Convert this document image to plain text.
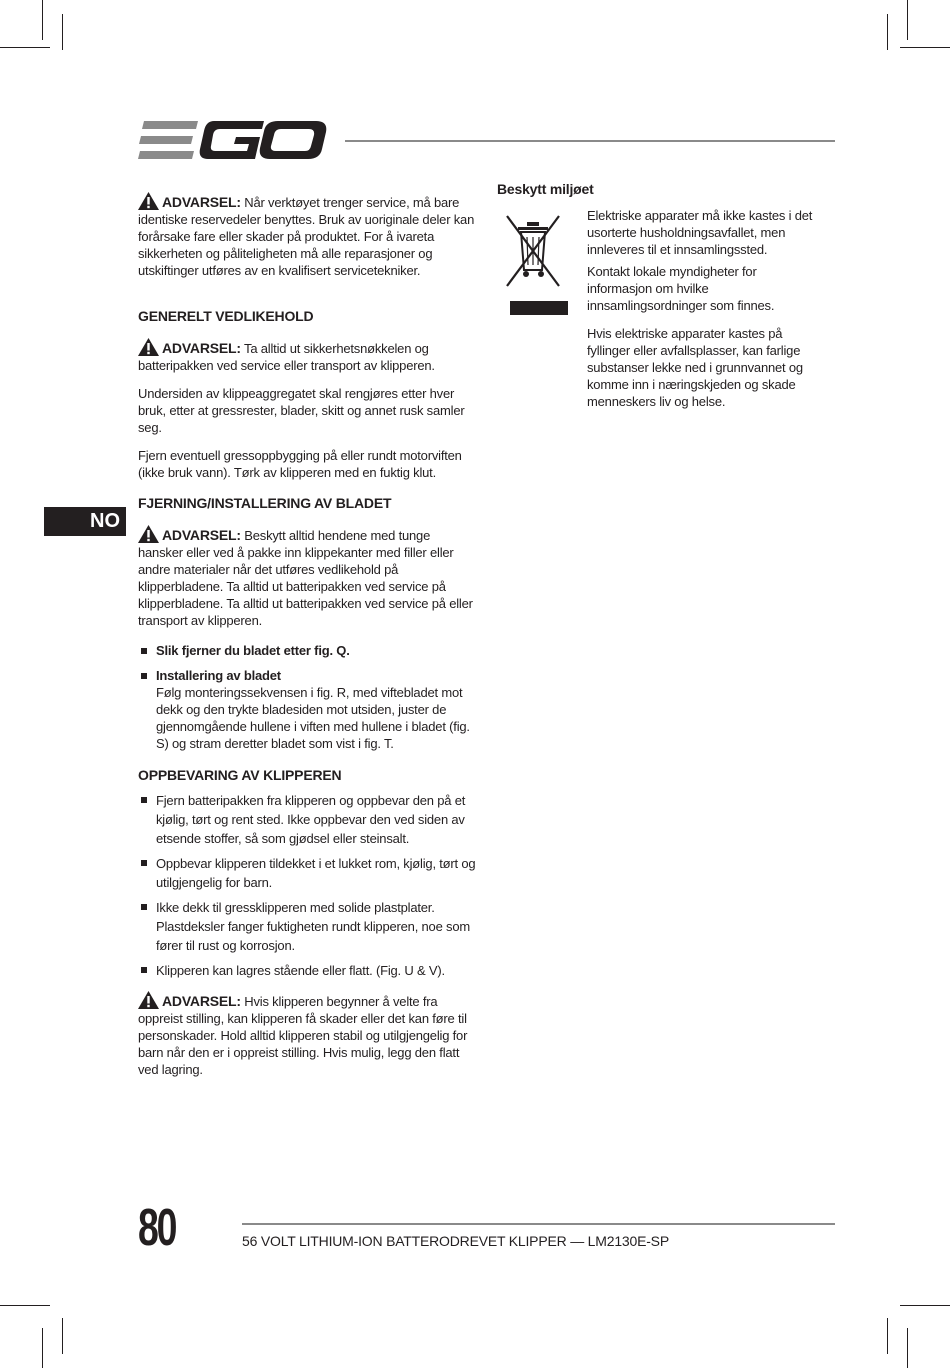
NO

ADVARSEL: Når verktøyet trenger service, må bare identiske reservedeler benyttes. Bruk av uoriginale deler kan forårsake fare eller skader på produktet. For å ivareta sikkerheten og påliteligheten må alle reparasjoner og utskiftinger utføres av en kvalifisert servicetekniker.

GENERELT VEDLIKEHOLD

ADVARSEL: Ta alltid ut sikkerhetsnøkkelen og batteripakken ved service eller transport av klipperen.

Undersiden av klippeaggregatet skal rengjøres etter hver bruk, etter at gressrester, blader, skitt og annet rusk samler seg.

Fjern eventuell gressoppbygging på eller rundt motorviften (ikke bruk vann). Tørk av klipperen med en fuktig klut.

FJERNING/INSTALLERING AV BLADET

ADVARSEL: Beskytt alltid hendene med tunge hansker eller ved å pakke inn klippekanter med filler eller andre materialer når det utføres vedlikehold på klipperbladene. Ta alltid ut batteripakken ved service på klipperbladene. Ta alltid ut batteripakken ved service på eller transport av klipperen.

Slik fjerner du bladet etter fig. Q.
Installering av bladet
Følg monteringssekvensen i fig. R, med viftebladet mot dekk og den trykte bladesiden mot utsiden, juster de gjennomgående hullene i viften med hullene i bladet (fig. S) og stram deretter bladet som vist i fig. T.
OPPBEVARING AV KLIPPEREN
Fjern batteripakken fra klipperen og oppbevar den på et kjølig, tørt og rent sted. Ikke oppbevar den ved siden av etsende stoffer, så som gjødsel eller steinsalt.
Oppbevar klipperen tildekket i et lukket rom, kjølig, tørt og utilgjengelig for barn.
Ikke dekk til gressklipperen med solide plastplater. Plastdeksler fanger fuktigheten rundt klipperen, noe som fører til rust og korrosjon.
Klipperen kan lagres stående eller flatt. (Fig. U & V).

ADVARSEL: Hvis klipperen begynner å velte fra oppreist stilling, kan klipperen få skader eller det kan føre til personskader. Hold alltid klipperen stabil og utilgjengelig for barn når den er i oppreist stilling. Hvis mulig, legg den flatt ved lagring.

Beskytt miljøet

Elektriske apparater må ikke kastes i det usorterte husholdningsavfallet, men innleveres til et innsamlingssted.

Kontakt lokale myndigheter for informasjon om hvilke innsamlingsordninger som finnes.

Hvis elektriske apparater kastes på fyllinger eller avfallsplasser, kan farlige substanser lekke ned i grunnvannet og komme inn i næringskjeden og skade menneskers liv og helse.

80	56 VOLT LITHIUM-ION BATTERODREVET KLIPPER — LM2130E-SP
